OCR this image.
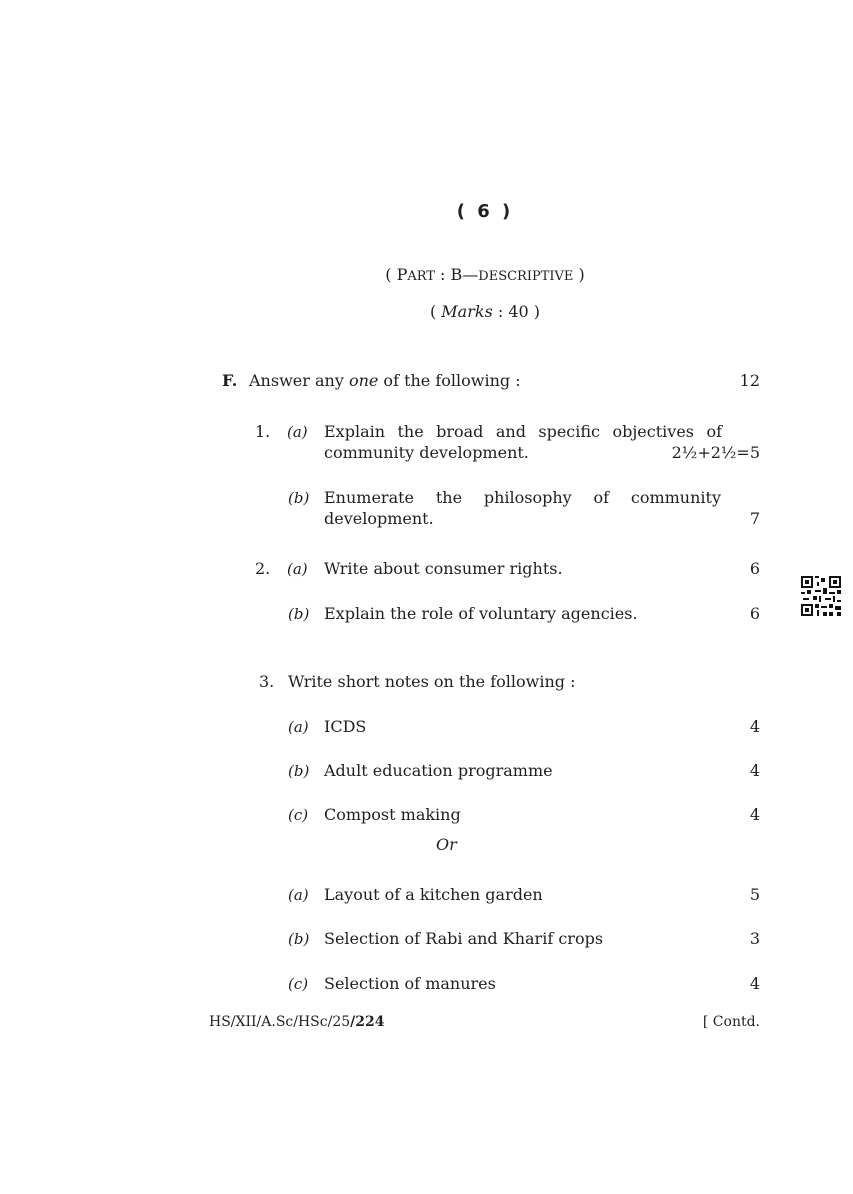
( 6 )
( PART : B—DESCRIPTIVE )
( Marks : 40 )
F. Answer any one of the following :	12
1. (a) Explain the broad and specific objectives of
community development.	2½+2½=5
(b) Enumerate the philosophy of community
development.	7
2. (a) Write about consumer rights.	6
(b) Explain the role of voluntary agencies.	6
3. Write short notes on the following :
(a) ICDS	4
(b) Adult education programme	4
(c) Compost making	4
Or
(a) Layout of a kitchen garden	5
(b) Selection of Rabi and Kharif crops	3
(c) Selection of manures	4
HS/XII/A.Sc/HSc/25/224	[ Contd.
